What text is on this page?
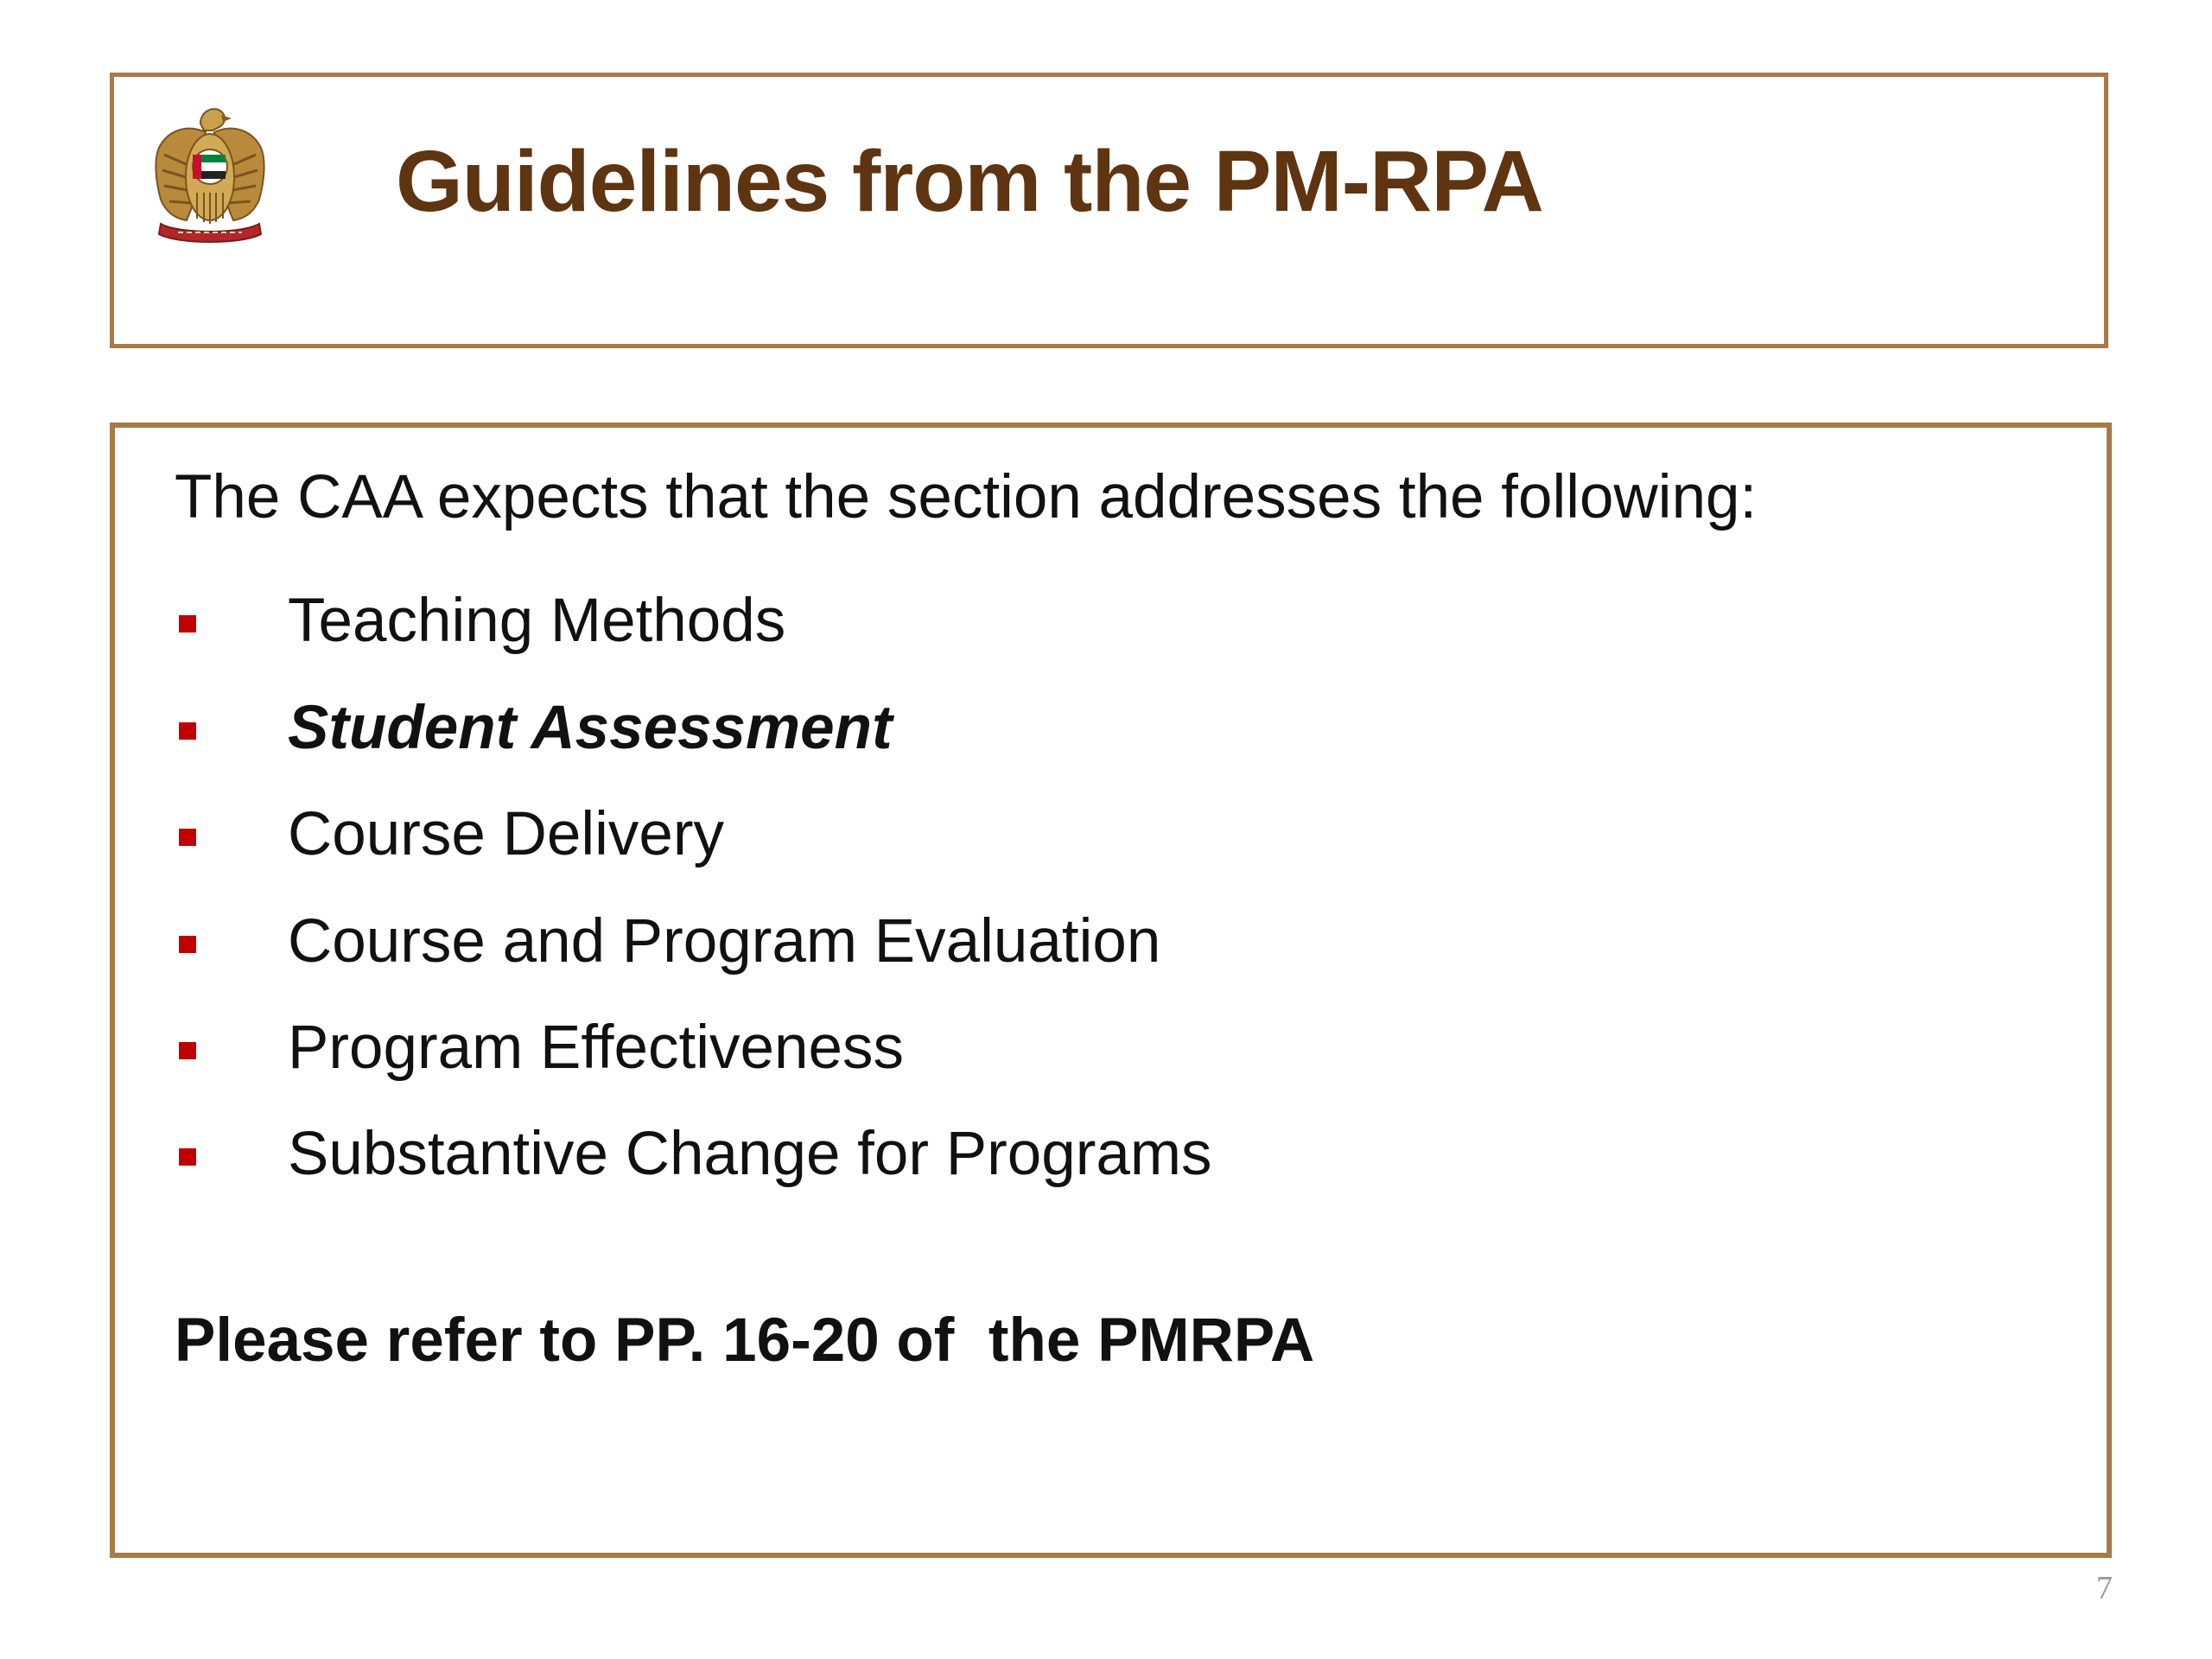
Guidelines from the PM-RPA

The CAA expects that the section addresses the following:

Teaching Methods
Student Assessment
Course Delivery
Course and Program Evaluation
Program Effectiveness
Substantive Change for Programs

Please refer to PP. 16-20 of  the PMRPA

7
